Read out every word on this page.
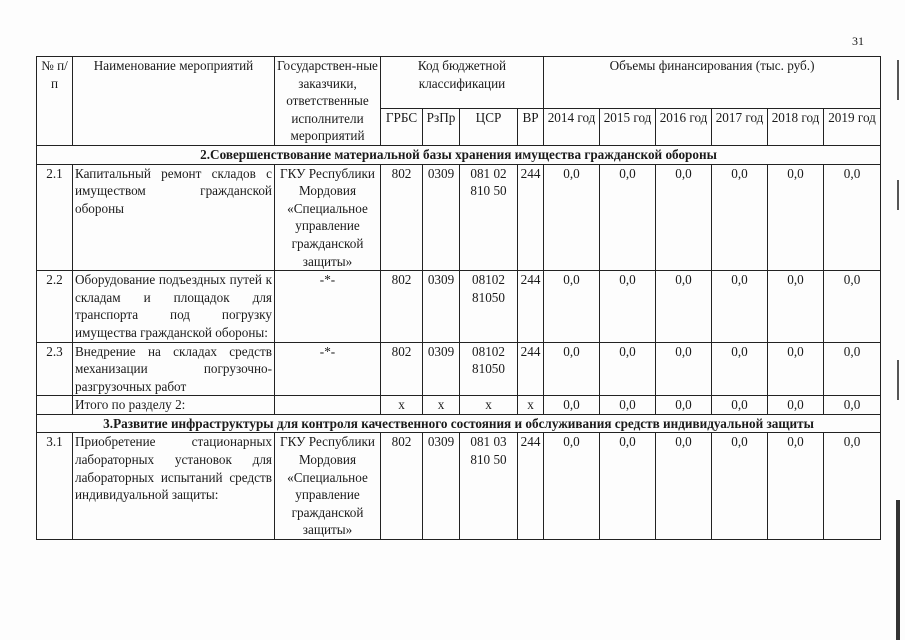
31
№ п/п	Наименование мероприятий	Государствен-ные заказчики, ответственные исполнители мероприятий	Код бюджетной классификации				Объемы финансирования (тыс. руб.)					
			ГРБС	РзПр	ЦСР	ВР	2014 год	2015 год	2016 год	2017 год	2018 год	2019 год
2.Совершенствование материальной базы хранения имущества гражданской обороны												
2.1	Капитальный ремонт складов с имуществом гражданской обороны	ГКУ Республики Мордовия «Специальное управление гражданской защиты»	802	0309	081 02 810 50	244	0,0	0,0	0,0	0,0	0,0	0,0
2.2	Оборудование подъездных путей к складам и площадок для транспорта под погрузку имущества гражданской обороны:	-*-	802	0309	08102 81050	244	0,0	0,0	0,0	0,0	0,0	0,0
2.3	Внедрение на складах средств механизации погрузочно-разгрузочных работ	-*-	802	0309	08102 81050	244	0,0	0,0	0,0	0,0	0,0	0,0
	Итого по разделу 2:		x	x	x	x	0,0	0,0	0,0	0,0	0,0	0,0
3.Развитие инфраструктуры для контроля качественного состояния и обслуживания средств индивидуальной защиты												
3.1	Приобретение стационарных лабораторных установок для лабораторных испытаний средств индивидуальной защиты:	ГКУ Республики Мордовия «Специальное управление гражданской защиты»	802	0309	081 03 810 50	244	0,0	0,0	0,0	0,0	0,0	0,0
